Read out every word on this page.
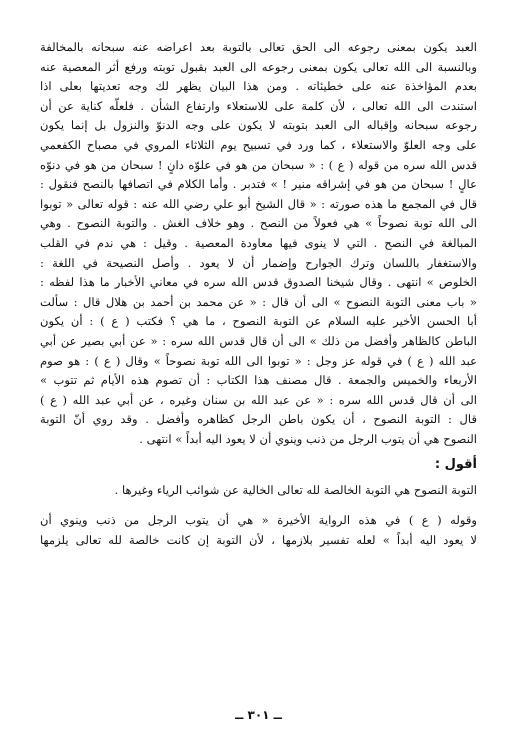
العبد يكون بمعنى رجوعه الى الحق تعالى بالتوبة بعد اعراضه عنه سبحانه بالمخالفة
وبالنسبة الى الله تعالى يكون بمعنى رجوعه الى العبد بقبول توبته ورفع أثر المعصية عنه
بعدم المؤاخذة عنه على خطيئاته . ومن هذا البيان يظهر لك وجه تعديتها بعلى اذا
استندت الى الله تعالى ، لأن كلمة على للاستعلاء وارتفاع الشأن . فلعلّه كناية عن أن
رجوعه سبحانه وإقباله الى العبد بتوبته لا يكون على وجه الدنوّ والنزول بل إنما يكون
على وجه العلوّ والاستعلاء ، كما ورد في تسبيح يوم الثلاثاء المروي في مصباح الكفعمي
قدس الله سره من قوله ( ع ) : « سبحان من هو في علوّه دانٍ ! سبحان من هو في دنوّه
عالٍ ! سبحان من هو في إشراقه منير ! » فتدبر . وأما الكلام في اتصافها بالنصح فنقول :
قال في المجمع ما هذه صورته : « قال الشيخ أبو علي رضي الله عنه : قوله تعالى « توبوا
الى الله توبة نصوحاً » هي فعولاً من النصح . وهو خلاف الغش . والتوبة النصوح . وهي
المبالغة في النصح . التي لا ينوى فيها معاودة المعصية . وقيل : هي ندم في القلب
والاستغفار باللسان وترك الجوارح وإضمار أن لا يعود . وأصل النصيحة في اللغة :
الخلوص » انتهى . وقال شيخنا الصدوق قدس الله سره في معاني الأخبار ما هذا لفظه :
« باب معنى التوبة النصوح » الى أن قال : « عن محمد بن أحمد بن هلال قال : سألت
أبا الحسن الأخير عليه السلام عن التوبة النصوح ، ما هي ؟ فكتب ( ع ) : أن يكون
الباطن كالظاهر وأفضل من ذلك » الى أن قال قدس الله سره : « عن أبي بصير عن أبي
عبد الله ( ع ) في قوله عز وجل : « توبوا الى الله توبة نصوحاً » وقال ( ع ) : هو صوم
الأربعاء والخميس والجمعة . قال مصنف هذا الكتاب : أن تصوم هذه الأيام ثم تتوب »
الى أن قال قدس الله سره : « عن عبد الله بن سنان وغيره ، عن أبي عبد الله ( ع )
قال : التوبة النصوح ، أن يكون باطن الرجل كظاهره وأفضل . وقد روي أنّ التوبة
النصوح هي أن يتوب الرجل من ذنب وينوي أن لا يعود اليه أبداً » انتهى .
أقول :
التوبة النصوح هي التوبة الخالصة لله تعالى الخالية عن شوائب الرياء وغيرها .
وقوله ( ع ) في هذه الرواية الأخيرة « هي أن يتوب الرجل من ذنب وينوي أن
لا يعود اليه أبداً » لعله تفسير بلازمها ، لأن التوبة إن كانت خالصة لله تعالى يلزمها
ــ ٣٠١ ــ
